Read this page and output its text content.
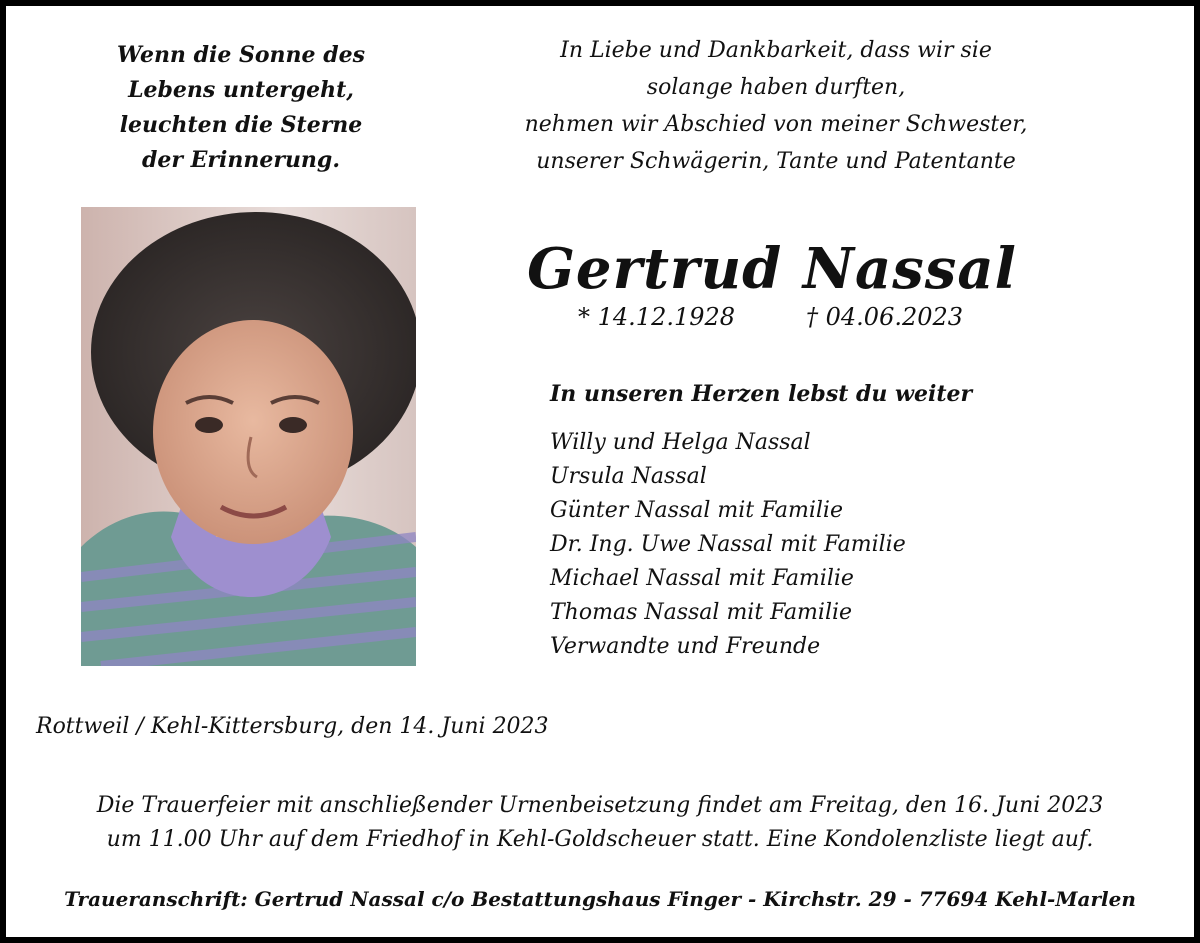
Wenn die Sonne des
Lebens untergeht,
leuchten die Sterne
der Erinnerung.
In Liebe und Dankbarkeit, dass wir sie
solange haben durften,
nehmen wir Abschied von meiner Schwester,
unserer Schwägerin, Tante und Patentante
Gertrud Nassal
* 14.12.1928	† 04.06.2023
In unseren Herzen lebst du weiter
Willy und Helga Nassal
Ursula Nassal
Günter Nassal mit Familie
Dr. Ing. Uwe Nassal mit Familie
Michael Nassal mit Familie
Thomas Nassal mit Familie
Verwandte und Freunde
Rottweil / Kehl-Kittersburg, den 14. Juni 2023
Die Trauerfeier mit anschließender Urnenbeisetzung findet am Freitag, den 16. Juni 2023
um 11.00 Uhr auf dem Friedhof in Kehl-Goldscheuer statt. Eine Kondolenzliste liegt auf.
Traueranschrift: Gertrud Nassal c/o Bestattungshaus Finger - Kirchstr. 29 - 77694 Kehl-Marlen
